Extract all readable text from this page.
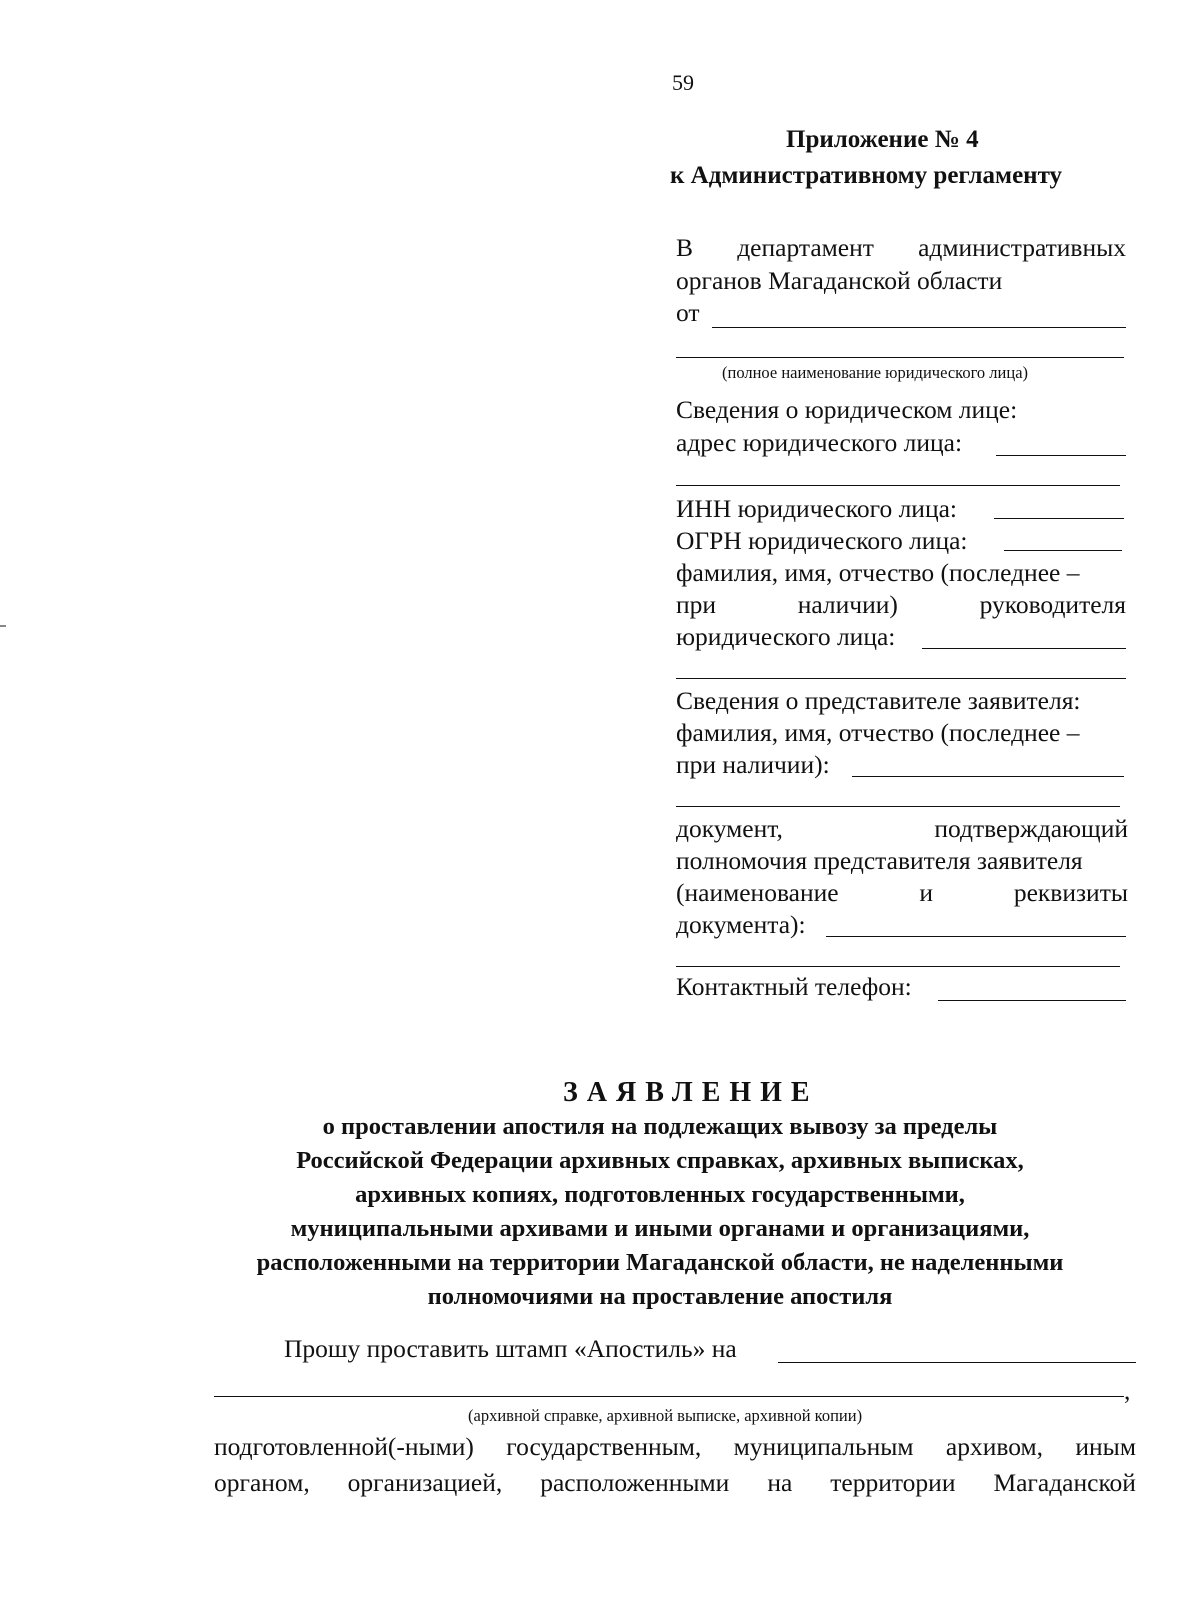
59
Приложение № 4
к Административному регламенту
В департамент административных
органов Магаданской области
от
(полное наименование юридического лица)
Сведения о юридическом лице:
адрес юридического лица:
ИНН юридического лица:
ОГРН юридического лица:
фамилия, имя, отчество (последнее –
при	наличии)	руководителя
юридического лица:
Сведения о представителе заявителя:
фамилия, имя, отчество (последнее –
при наличии):
документ,	подтверждающий
полномочия представителя заявителя
(наименование	и	реквизиты
документа):
Контактный телефон:
ЗАЯВЛЕНИЕ
о проставлении апостиля на подлежащих вывозу за пределы
Российской Федерации архивных справках, архивных выписках,
архивных копиях, подготовленных государственными,
муниципальными архивами и иными органами и организациями,
расположенными на территории Магаданской области, не наделенными
полномочиями на проставление апостиля
Прошу проставить штамп «Апостиль» на
,
(архивной справке, архивной выписке, архивной копии)
подготовленной(-ными) государственным, муниципальным архивом, иным
органом, организацией, расположенными на территории Магаданской
